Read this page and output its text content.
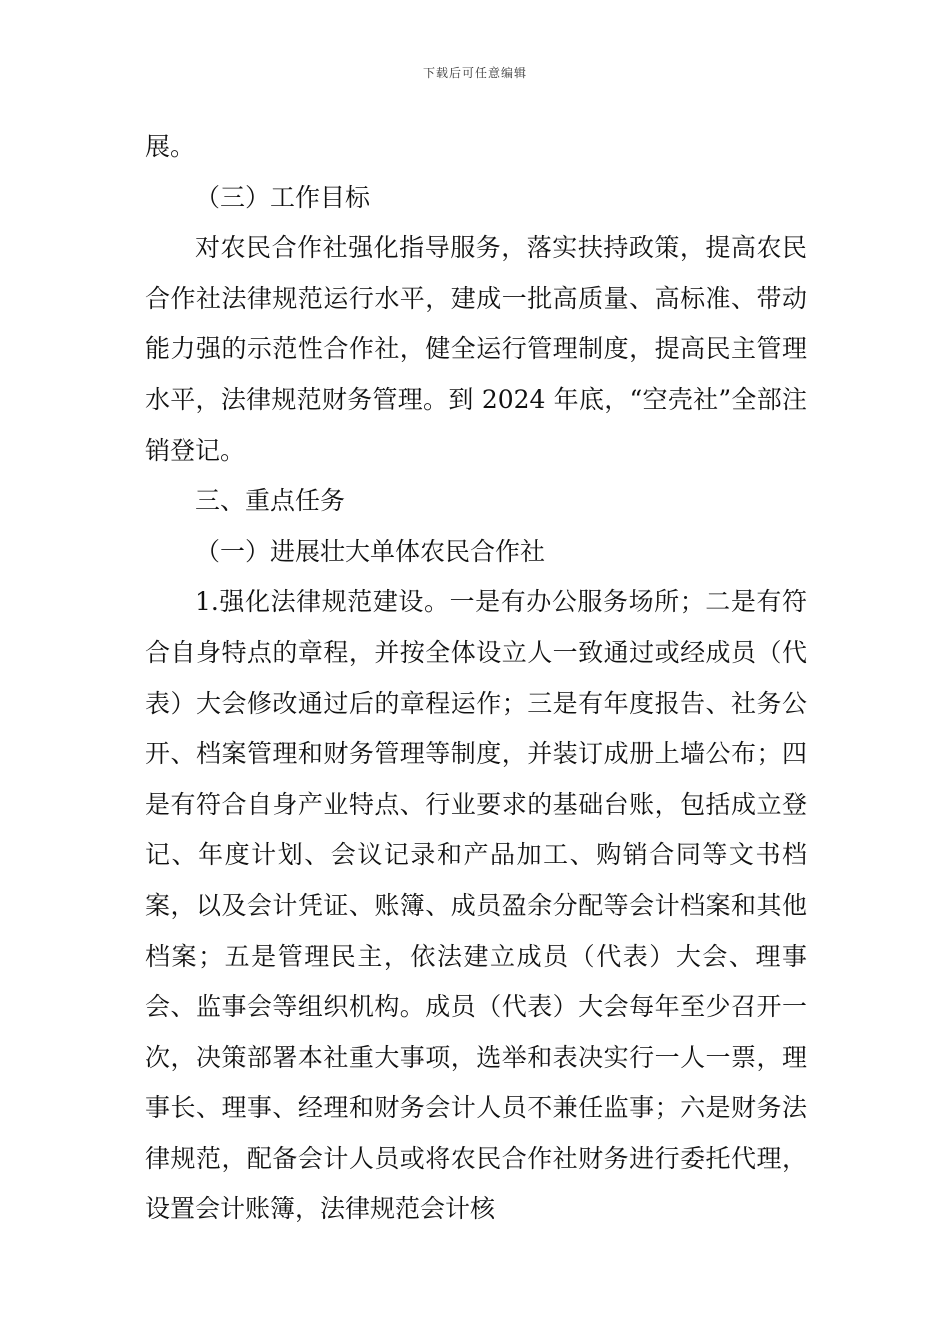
下载后可任意编辑

展。

（三）工作目标

对农民合作社强化指导服务，落实扶持政策，提高农民合作社法律规范运行水平，建成一批高质量、高标准、带动能力强的示范性合作社，健全运行管理制度，提高民主管理水平，法律规范财务管理。到 2024 年底，“空壳社”全部注销登记。

三、重点任务

（一）进展壮大单体农民合作社

1.强化法律规范建设。一是有办公服务场所；二是有符合自身特点的章程，并按全体设立人一致通过或经成员（代表）大会修改通过后的章程运作；三是有年度报告、社务公开、档案管理和财务管理等制度，并装订成册上墙公布；四是有符合自身产业特点、行业要求的基础台账，包括成立登记、年度计划、会议记录和产品加工、购销合同等文书档案，以及会计凭证、账簿、成员盈余分配等会计档案和其他档案；五是管理民主，依法建立成员（代表）大会、理事会、监事会等组织机构。成员（代表）大会每年至少召开一次，决策部署本社重大事项，选举和表决实行一人一票，理事长、理事、经理和财务会计人员不兼任监事；六是财务法律规范，配备会计人员或将农民合作社财务进行委托代理，设置会计账簿，法律规范会计核
